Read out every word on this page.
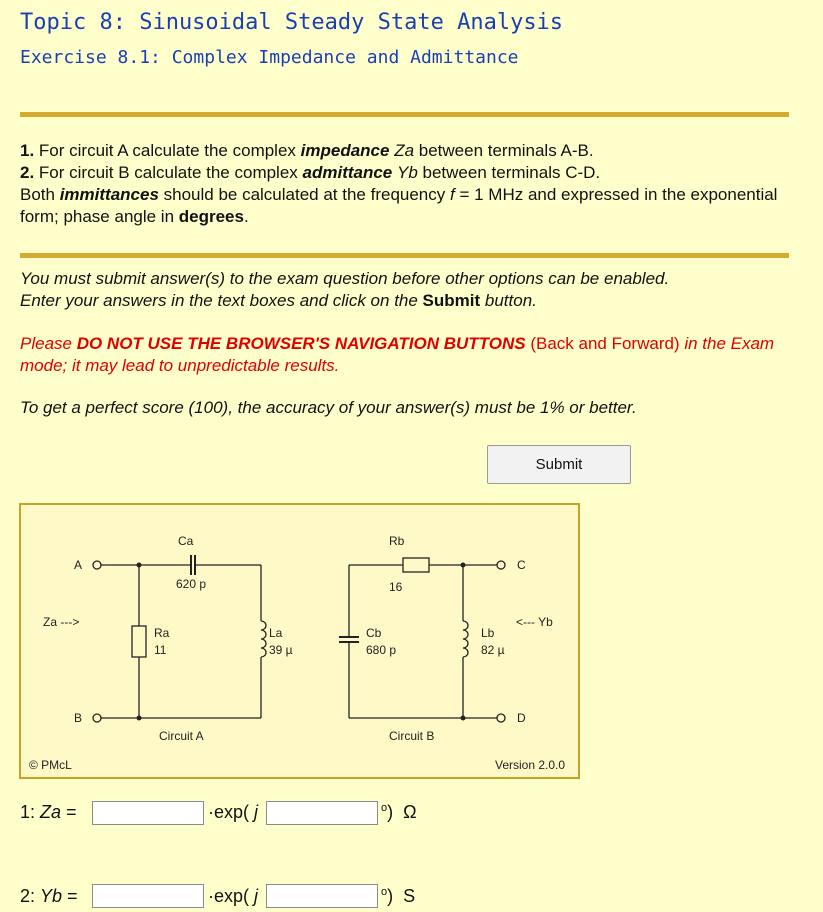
Topic 8: Sinusoidal Steady State Analysis
Exercise 8.1: Complex Impedance and Admittance
1. For circuit A calculate the complex impedance Za between terminals A-B.
2. For circuit B calculate the complex admittance Yb between terminals C-D.
Both immittances should be calculated at the frequency f = 1 MHz and expressed in the exponential form; phase angle in degrees.

You must submit answer(s) to the exam question before other options can be enabled.
Enter your answers in the text boxes and click on the Submit button.

Please DO NOT USE THE BROWSER'S NAVIGATION BUTTONS (Back and Forward) in the Exam mode; it may lead to unpredictable results.

To get a perfect score (100), the accuracy of your answer(s) must be 1% or better.

Submit
A
B
C
D
Ca
620 p
Ra
11
La
39 µ
Rb
16
Cb
680 p
Lb
82 µ
Za --->	<--- Yb
Circuit A	Circuit B
© PMcL	Version 2.0.0
1: Za =	·exp( j	$^o$) Ω
2: Yb =	·exp( j	$^o$) S
